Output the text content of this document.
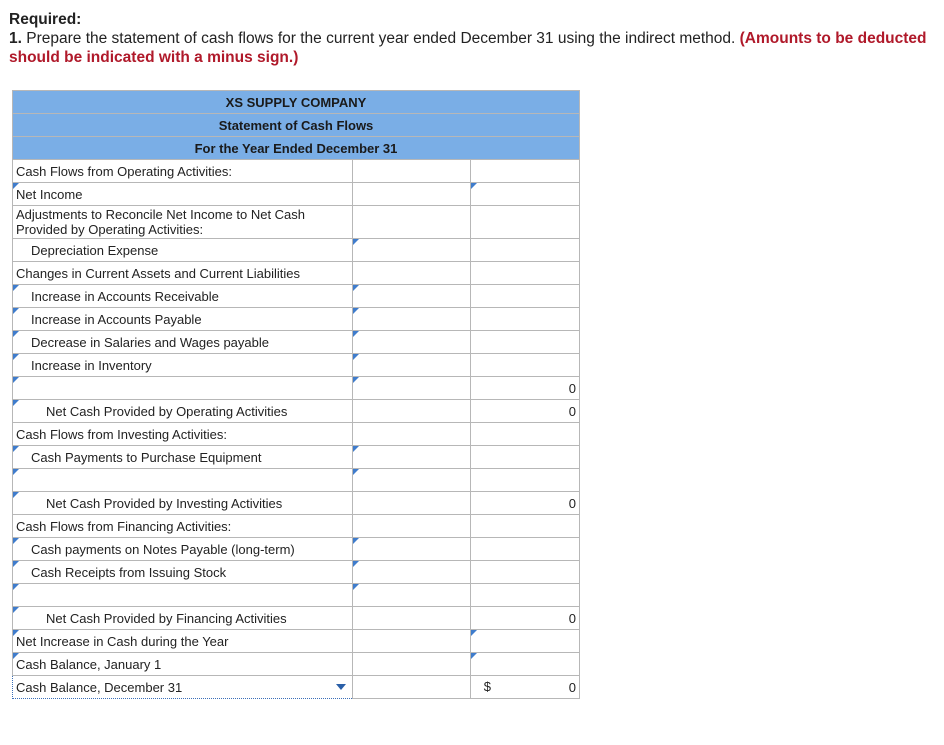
Required:
1. Prepare the statement of cash flows for the current year ended December 31 using the indirect method. (Amounts to be deducted should be indicated with a minus sign.)
XS SUPPLY COMPANY		
Statement of Cash Flows		
For the Year Ended December 31		
Cash Flows from Operating Activities:		
Net Income		
Adjustments to Reconcile Net Income to Net Cash Provided by Operating Activities:		
Depreciation Expense		
Changes in Current Assets and Current Liabilities		
Increase in Accounts Receivable		
Increase in Accounts Payable		
Decrease in Salaries and Wages payable		
Increase in Inventory		
		0
Net Cash Provided by Operating Activities		0
Cash Flows from Investing Activities:		
Cash Payments to Purchase Equipment		

Net Cash Provided by Investing Activities		0
Cash Flows from Financing Activities:		
Cash payments on Notes Payable (long-term)		
Cash Receipts from Issuing Stock		

Net Cash Provided by Financing Activities		0
Net Increase in Cash during the Year		
Cash Balance, January 1		
Cash Balance, December 31		$ 0
